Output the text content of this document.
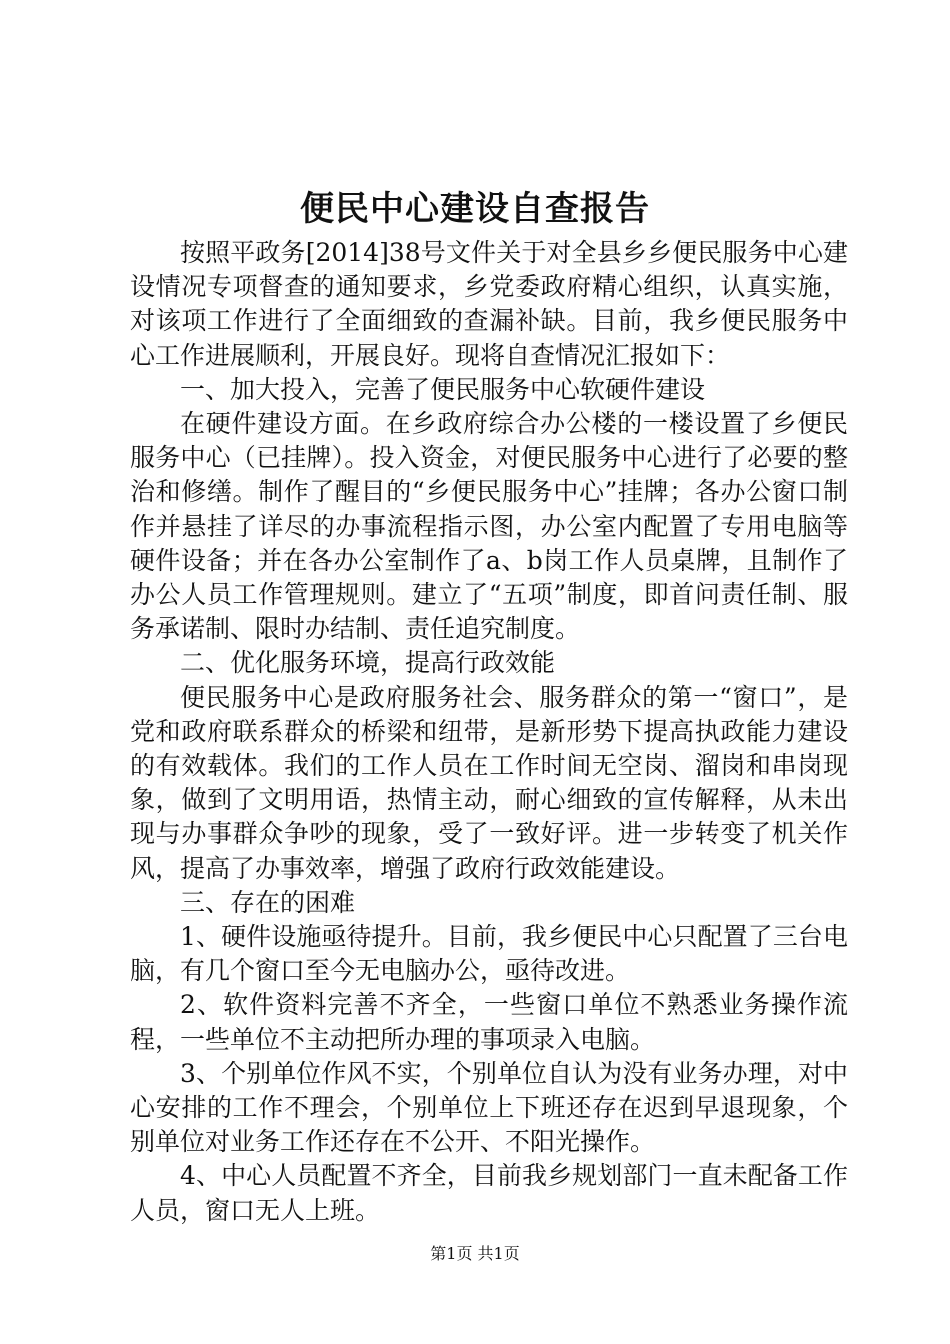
便民中心建设自查报告

按照平政务[2014]38号文件关于对全县乡乡便民服务中心建设情况专项督查的通知要求，乡党委政府精心组织，认真实施，对该项工作进行了全面细致的查漏补缺。目前，我乡便民服务中心工作进展顺利，开展良好。现将自查情况汇报如下：

一、加大投入，完善了便民服务中心软硬件建设

在硬件建设方面。在乡政府综合办公楼的一楼设置了乡便民服务中心（已挂牌）。投入资金，对便民服务中心进行了必要的整治和修缮。制作了醒目的“乡便民服务中心”挂牌；各办公窗口制作并悬挂了详尽的办事流程指示图，办公室内配置了专用电脑等硬件设备；并在各办公室制作了a、b岗工作人员桌牌，且制作了办公人员工作管理规则。建立了“五项”制度，即首问责任制、服务承诺制、限时办结制、责任追究制度。

二、优化服务环境，提高行政效能

便民服务中心是政府服务社会、服务群众的第一“窗口”，是党和政府联系群众的桥梁和纽带，是新形势下提高执政能力建设的有效载体。我们的工作人员在工作时间无空岗、溜岗和串岗现象，做到了文明用语，热情主动，耐心细致的宣传解释，从未出现与办事群众争吵的现象，受了一致好评。进一步转变了机关作风，提高了办事效率，增强了政府行政效能建设。

三、存在的困难

1、硬件设施亟待提升。目前，我乡便民中心只配置了三台电脑，有几个窗口至今无电脑办公，亟待改进。

2、软件资料完善不齐全，一些窗口单位不熟悉业务操作流程，一些单位不主动把所办理的事项录入电脑。

3、个别单位作风不实，个别单位自认为没有业务办理，对中心安排的工作不理会，个别单位上下班还存在迟到早退现象，个别单位对业务工作还存在不公开、不阳光操作。

4、中心人员配置不齐全，目前我乡规划部门一直未配备工作人员，窗口无人上班。

第1页 共1页
